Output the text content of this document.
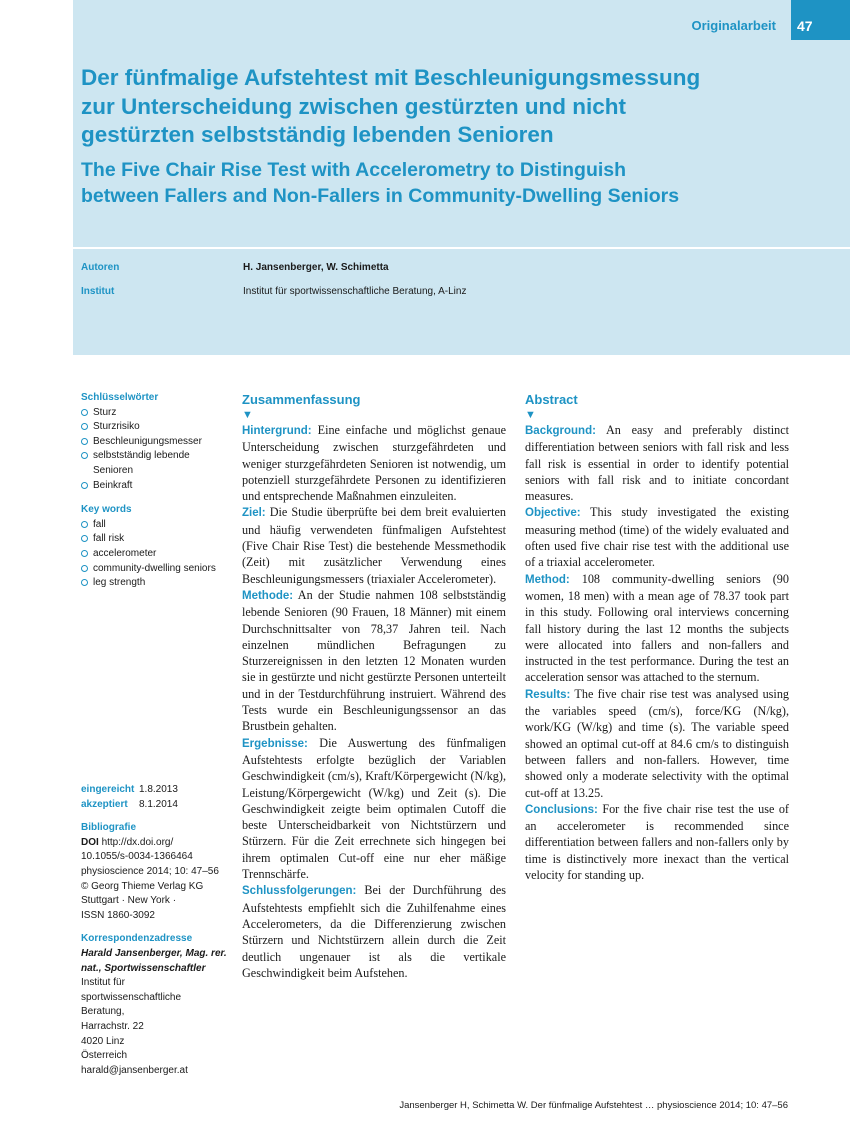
Originalarbeit	47
Der fünfmalige Aufstehtest mit Beschleunigungsmessung
zur Unterscheidung zwischen gestürzten und nicht
gestürzten selbstständig lebenden Senioren
The Five Chair Rise Test with Accelerometry to Distinguish
between Fallers and Non-Fallers in Community-Dwelling Seniors
Autoren	H. Jansenberger, W. Schimetta
Institut	Institut für sportwissenschaftliche Beratung, A-Linz
Schlüsselwörter
Sturz
Sturzrisiko
Beschleunigungsmesser
selbstständig lebende Senioren
Beinkraft
Key words
fall
fall risk
accelerometer
community-dwelling seniors
leg strength
eingereicht 1.8.2013
akzeptiert 8.1.2014
Bibliografie
DOI http://dx.doi.org/
10.1055/s-0034-1366464
physioscience 2014; 10: 47–56
© Georg Thieme Verlag KG
Stuttgart · New York ·
ISSN 1860-3092
Korrespondenzadresse
Harald Jansenberger, Mag. rer.
nat., Sportwissenschaftler
Institut für
sportwissenschaftliche
Beratung,
Harrachstr. 22
4020 Linz
Österreich
harald@jansenberger.at
Zusammenfassung
▼

Hintergrund: Eine einfache und möglichst genaue Unterscheidung zwischen sturzgefährdeten und weniger sturzgefährdeten Senioren ist notwendig, um potenziell sturzgefährdete Personen zu identifizieren und entsprechende Maßnahmen einzuleiten.

Ziel: Die Studie überprüfte bei dem breit evaluierten und häufig verwendeten fünfmaligen Aufstehtest (Five Chair Rise Test) die bestehende Messmethodik (Zeit) mit zusätzlicher Verwendung eines Beschleunigungsmessers (triaxialer Accelerometer).

Methode: An der Studie nahmen 108 selbstständig lebende Senioren (90 Frauen, 18 Männer) mit einem Durchschnittsalter von 78,37 Jahren teil. Nach einzelnen mündlichen Befragungen zu Sturzereignissen in den letzten 12 Monaten wurden sie in gestürzte und nicht gestürzte Personen unterteilt und in der Testdurchführung instruiert. Während des Tests wurde ein Beschleunigungssensor an das Brustbein gehalten.

Ergebnisse: Die Auswertung des fünfmaligen Aufstehtests erfolgte bezüglich der Variablen Geschwindigkeit (cm/s), Kraft/Körpergewicht (N/kg), Leistung/Körpergewicht (W/kg) und Zeit (s). Die Geschwindigkeit zeigte beim optimalen Cutoff die beste Unterscheidbarkeit von Nichtstürzern und Stürzern. Für die Zeit errechnete sich hingegen bei ihrem optimalen Cut-off eine nur eher mäßige Trennschärfe.

Schlussfolgerungen: Bei der Durchführung des Aufstehtests empfiehlt sich die Zuhilfenahme eines Accelerometers, da die Differenzierung zwischen Stürzern und Nichtstürzern allein durch die Zeit deutlich ungenauer ist als die vertikale Geschwindigkeit beim Aufstehen.

Abstract
▼

Background: An easy and preferably distinct differentiation between seniors with fall risk and less fall risk is essential in order to identify potential seniors with fall risk and to initiate concordant measures.

Objective: This study investigated the existing measuring method (time) of the widely evaluated and often used five chair rise test with the additional use of a triaxial accelerometer.

Method: 108 community-dwelling seniors (90 women, 18 men) with a mean age of 78.37 took part in this study. Following oral interviews concerning fall history during the last 12 months the subjects were allocated into fallers and non-fallers and instructed in the test performance. During the test an acceleration sensor was attached to the sternum.

Results: The five chair rise test was analysed using the variables speed (cm/s), force/KG (N/kg), work/KG (W/kg) and time (s). The variable speed showed an optimal cut-off at 84.6 cm/s to distinguish between fallers and non-fallers. However, time showed only a moderate selectivity with the optimal cut-off at 13.25.

Conclusions: For the five chair rise test the use of an accelerometer is recommended since differentiation between fallers and non-fallers only by time is distinctively more inexact than the vertical velocity for standing up.

Jansenberger H, Schimetta W. Der fünfmalige Aufstehtest … physioscience 2014; 10: 47–56
